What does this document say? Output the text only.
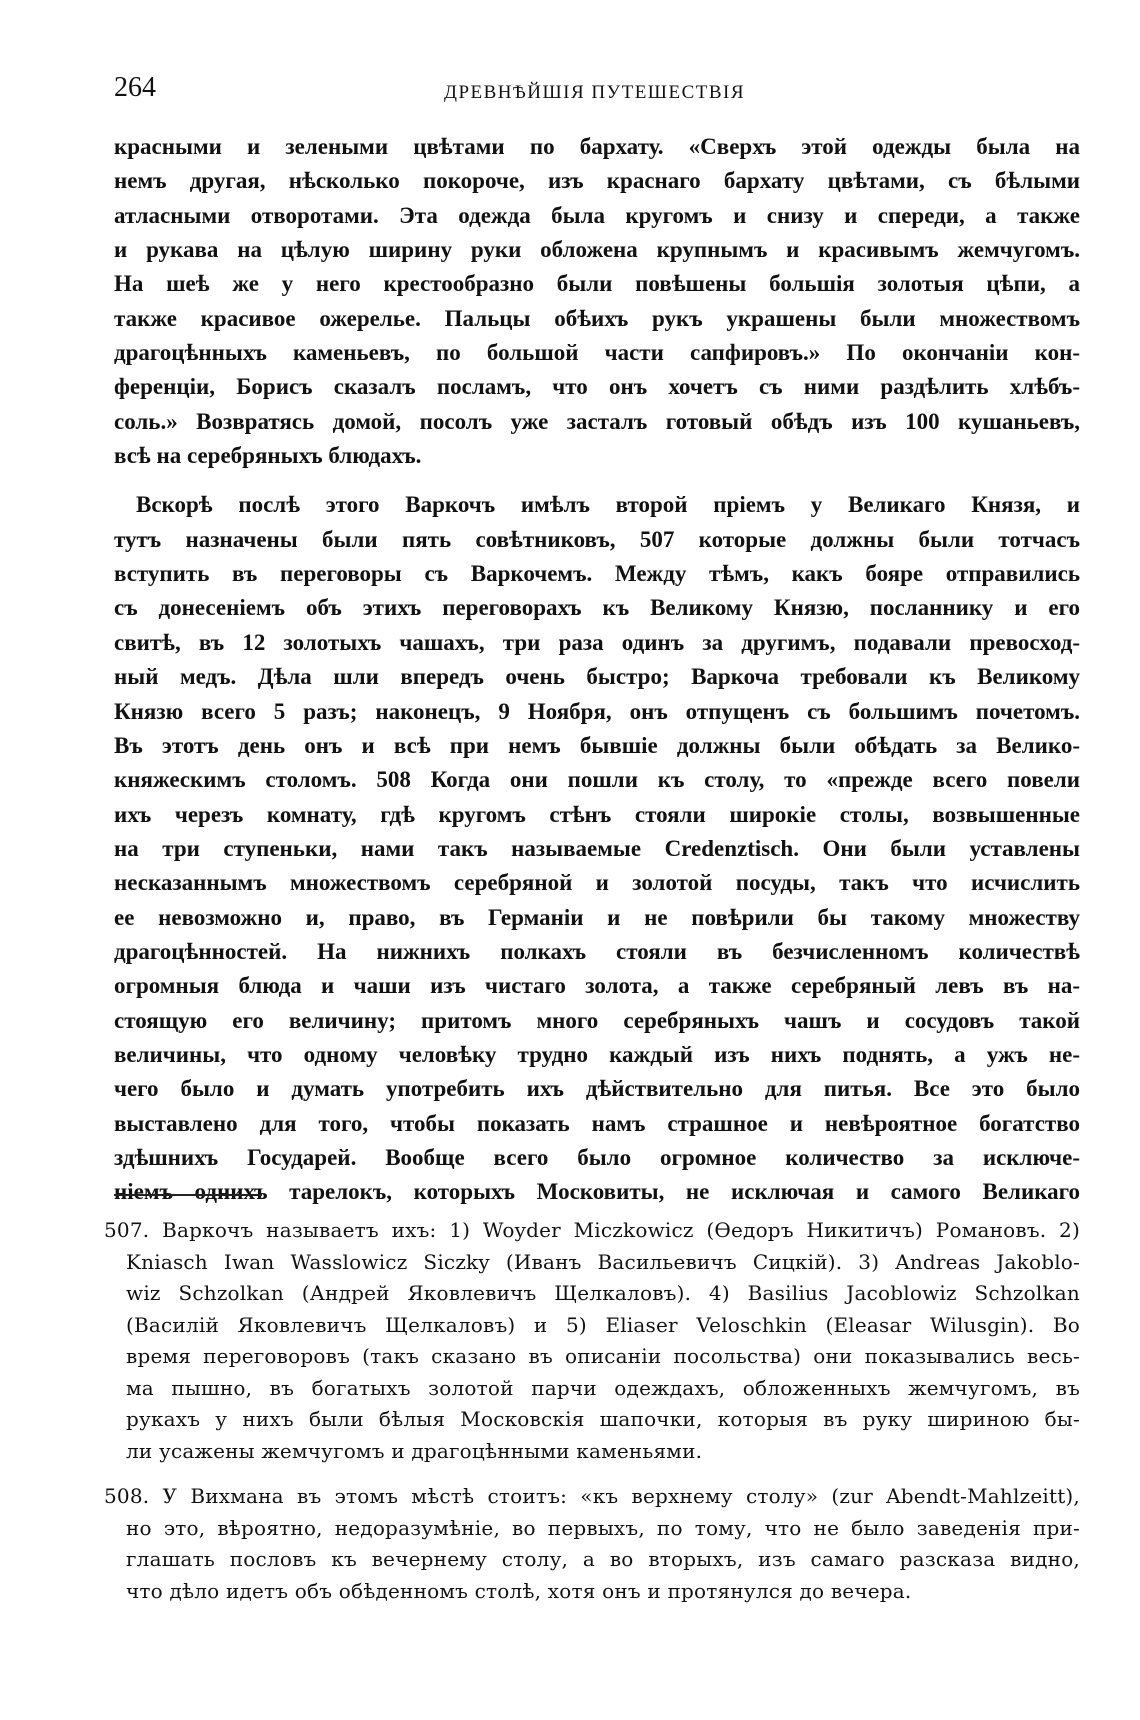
264	ДРЕВНѢЙШІЯ ПУТЕШЕСТВІЯ
красными и зелеными цвѣтами по бархату. «Сверхъ этой одежды была на
немъ другая, нѣсколько покороче, изъ краснаго бархату цвѣтами, съ бѣлыми
атласными отворотами. Эта одежда была кругомъ и снизу и спереди, а также
и рукава на цѣлую ширину руки обложена крупнымъ и красивымъ жемчугомъ.
На шеѣ же у него крестообразно были повѣшены большія золотыя цѣпи, а
также красивое ожерелье. Пальцы обѣихъ рукъ украшены были множествомъ
драгоцѣнныхъ каменьевъ, по большой части сапфировъ.» По окончаніи кон-
ференціи, Борисъ сказалъ посламъ, что онъ хочетъ съ ними раздѣлить хлѣбъ-
соль.» Возвратясь домой, посолъ уже засталъ готовый обѣдъ изъ 100 кушаньевъ,
всѣ на серебряныхъ блюдахъ.
Вскорѣ послѣ этого Варкочъ имѣлъ второй пріемъ у Великаго Князя, и
тутъ назначены были пять совѣтниковъ, 507 которые должны были тотчасъ
вступить въ переговоры съ Варкочемъ. Между тѣмъ, какъ бояре отправились
съ донесеніемъ объ этихъ переговорахъ къ Великому Князю, посланнику и его
свитѣ, въ 12 золотыхъ чашахъ, три раза одинъ за другимъ, подавали превосход-
ный медъ. Дѣла шли впередъ очень быстро; Варкоча требовали къ Великому
Князю всего 5 разъ; наконецъ, 9 Ноября, онъ отпущенъ съ большимъ почетомъ.
Въ этотъ день онъ и всѣ при немъ бывшіе должны были обѣдать за Велико-
княжескимъ столомъ. 508 Когда они пошли къ столу, то «прежде всего повели
ихъ черезъ комнату, гдѣ кругомъ стѣнъ стояли широкіе столы, возвышенные
на три ступеньки, нами такъ называемые Credenztisch. Они были уставлены
несказаннымъ множествомъ серебряной и золотой посуды, такъ что исчислить
ее невозможно и, право, въ Германіи и не повѣрили бы такому множеству
драгоцѣнностей. На нижнихъ полкахъ стояли въ безчисленномъ количествѣ
огромныя блюда и чаши изъ чистаго золота, а также серебряный левъ въ на-
стоящую его величину; притомъ много серебряныхъ чашъ и сосудовъ такой
величины, что одному человѣку трудно каждый изъ нихъ поднять, а ужъ не-
чего было и думать употребить ихъ дѣйствительно для питья. Все это было
выставлено для того, чтобы показать намъ страшное и невѣроятное богатство
здѣшнихъ Государей. Вообще всего было огромное количество за исключе-
ніемъ однихъ тарелокъ, которыхъ Московиты, не исключая и самого Великаго
507. Варкочъ называетъ ихъ: 1) Woyder Miczkowicz (Ѳедоръ Никитичъ) Романовъ. 2)
Kniasch Iwan Wasslowicz Siczky (Иванъ Васильевичъ Сицкій). 3) Andreas Jakoblo-
wiz Schzolkan (Андрей Яковлевичъ Щелкаловъ). 4) Basilius Jacoblowiz Schzolkan
(Василій Яковлевичъ Щелкаловъ) и 5) Eliaser Veloschkin (Eleasar Wilusgin). Во
время переговоровъ (такъ сказано въ описаніи посольства) они показывались весь-
ма пышно, въ богатыхъ золотой парчи одеждахъ, обложенныхъ жемчугомъ, въ
рукахъ у нихъ были бѣлыя Московскія шапочки, которыя въ руку шириною бы-
ли усажены жемчугомъ и драгоцѣнными каменьями.
508. У Вихмана въ этомъ мѣстѣ стоитъ: «къ верхнему столу» (zur Abendt-Mahlzeitt),
но это, вѣроятно, недоразумѣніе, во первыхъ, по тому, что не было заведенія при-
глашать пословъ къ вечернему столу, а во вторыхъ, изъ самаго разсказа видно,
что дѣло идетъ объ обѣденномъ столѣ, хотя онъ и протянулся до вечера.
